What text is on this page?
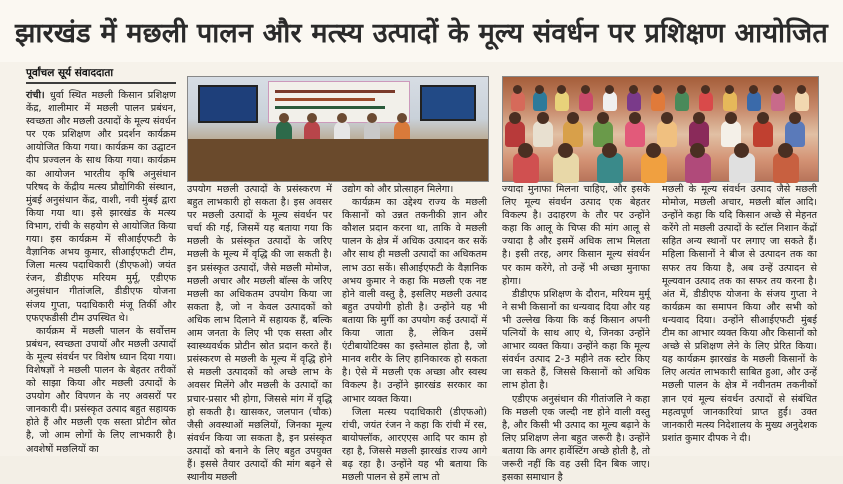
झारखंड में मछली पालन और मत्स्य उत्पादों के मूल्य संवर्धन पर प्रशिक्षण आयोजित
पूर्वांचल सूर्य संवाददाता

रांची। धुर्वा स्थित मछली किसान प्रशिक्षण केंद्र, शालीमार में मछली पालन प्रबंधन, स्वच्छता और मछली उत्पादों के मूल्य संवर्धन पर एक प्रशिक्षण और प्रदर्शन कार्यक्रम आयोजित किया गया। कार्यक्रम का उद्घाटन दीप प्रज्वलन के साथ किया गया। कार्यक्रम का आयोजन भारतीय कृषि अनुसंधान परिषद के केंद्रीय मत्स्य प्रौद्योगिकी संस्थान, मुंबई अनुसंधान केंद्र, वाशी, नवी मुंबई द्वारा किया गया था। इसे झारखंड के मत्स्य विभाग, रांची के सहयोग से आयोजित किया गया। इस कार्यक्रम में सीआईएफटी के वैज्ञानिक अभय कुमार, सीआईएफटी टीम, जिला मत्स्य पदाधिकारी (डीएफओ) जयंत रंजन, डीडीएफ मरियम मुर्मू, एडीएफ अनुसंधान गीतांजलि, डीडीएफ योजना संजय गुप्ता, पदाधिकारी मंजू तिर्की और एफएफडीसी टीम उपस्थित थे।

कार्यक्रम में मछली पालन के सर्वोत्तम प्रबंधन, स्वच्छता उपायों और मछली उत्पादों के मूल्य संवर्धन पर विशेष ध्यान दिया गया। विशेषज्ञों ने मछली पालन के बेहतर तरीकों को साझा किया और मछली उत्पादों के उपयोग और विपणन के नए अवसरों पर जानकारी दी। प्रसंस्कृत उत्पाद बहुत सहायक होते हैं और मछली एक सस्ता प्रोटीन स्रोत है, जो आम लोगों के लिए लाभकारी है। अवशेषों मछलियों का

उपयोग मछली उत्पादों के प्रसंस्करण में बहुत लाभकारी हो सकता है। इस अवसर पर मछली उत्पादों के मूल्य संवर्धन पर चर्चा की गई, जिसमें यह बताया गया कि मछली के प्रसंस्कृत उत्पादों के जरिए मछली के मूल्य में वृद्धि की जा सकती है। इन प्रसंस्कृत उत्पादों, जैसे मछली मोमोज, मछली अचार और मछली बॉल्स के जरिए मछली का अधिकतम उपयोग किया जा सकता है, जो न केवल उत्पादकों को अधिक लाभ दिलाने में सहायक हैं, बल्कि आम जनता के लिए भी एक सस्ता और स्वास्थ्यवर्धक प्रोटीन स्रोत प्रदान करते हैं। प्रसंस्करण से मछली के मूल्य में वृद्धि होने से मछली उत्पादकों को अच्छे लाभ के अवसर मिलेंगे और मछली के उत्पादों का प्रचार-प्रसार भी होगा, जिससे मांग में वृद्धि हो सकती है। खासकर, जलपान (चौक) जैसी अवस्थाओं मछलियों, जिनका मूल्य संवर्धन किया जा सकता है, इन प्रसंस्कृत उत्पादों को बनाने के लिए बहुत उपयुक्त हैं। इससे तैयार उत्पादों की मांग बढ़ने से स्थानीय मछली

उद्योग को और प्रोत्साहन मिलेगा।

कार्यक्रम का उद्देश्य राज्य के मछली किसानों को उन्नत तकनीकी ज्ञान और कौशल प्रदान करना था, ताकि वे मछली पालन के क्षेत्र में अधिक उत्पादन कर सकें और साथ ही मछली उत्पादों का अधिकतम लाभ उठा सकें। सीआईएफटी के वैज्ञानिक अभय कुमार ने कहा कि मछली एक नष्ट होने वाली वस्तु है, इसलिए मछली उत्पाद बहुत उपयोगी होती है। उन्होंने यह भी बताया कि मुर्गी का उपयोग कई उत्पादों में किया जाता है, लेकिन उसमें एंटीबायोटिक्स का इस्तेमाल होता है, जो मानव शरीर के लिए हानिकारक हो सकता है। ऐसे में मछली एक अच्छा और स्वस्थ विकल्प है। उन्होंने झारखंड सरकार का आभार व्यक्त किया।

जिला मत्स्य पदाधिकारी (डीएफओ) रांची, जयंत रंजन ने कहा कि रांची में रस, बायोफ्लॉक, आरएएस आदि पर काम हो रहा है, जिससे मछली झारखंड राज्य आगे बढ़ रहा है। उन्होंने यह भी बताया कि मछली पालन से हमें लाभ तो

ज्यादा मुनाफा मिलना चाहिए, और इसके लिए मूल्य संवर्धन उत्पाद एक बेहतर विकल्प है। उदाहरण के तौर पर उन्होंने कहा कि आलू के चिप्स की मांग आलू से ज्यादा है और इसमें अधिक लाभ मिलता है। इसी तरह, अगर किसान मूल्य संवर्धन पर काम करेंगे, तो उन्हें भी अच्छा मुनाफा होगा।

डीडीएफ प्रशिक्षण के दौरान, मरियम मुर्मू ने सभी किसानों का धन्यवाद दिया और यह भी उल्लेख किया कि कई किसान अपनी पत्नियों के साथ आए थे, जिनका उन्होंने आभार व्यक्त किया। उन्होंने कहा कि मूल्य संवर्धन उत्पाद 2-3 महीने तक स्टोर किए जा सकते हैं, जिससे किसानों को अधिक लाभ होता है।

एडीएफ अनुसंधान की गीतांजलि ने कहा कि मछली एक जल्दी नष्ट होने वाली वस्तु है, और किसी भी उत्पाद का मूल्य बढ़ाने के लिए प्रशिक्षण लेना बहुत जरूरी है। उन्होंने बताया कि अगर हार्वेस्टिंग अच्छे होती है, तो जरूरी नहीं कि वह उसी दिन बिक जाए। इसका समाधान है

मछली के मूल्य संवर्धन उत्पाद जैसे मछली मोमोज, मछली अचार, मछली बॉल आदि। उन्होंने कहा कि यदि किसान अच्छे से मेहनत करेंगे तो मछली उत्पादों के स्टॉल निशान केंद्रों सहित अन्य स्थानों पर लगाए जा सकते हैं। महिला किसानों ने बीज से उत्पादन तक का सफर तय किया है, अब उन्हें उत्पादन से मूल्यवान उत्पाद तक का सफर तय करना है। अंत में, डीडीएफ योजना के संजय गुप्ता ने कार्यक्रम का समापन किया और सभी को धन्यवाद दिया। उन्होंने सीआईएफटी मुंबई टीम का आभार व्यक्त किया और किसानों को अच्छे से प्रशिक्षण लेने के लिए प्रेरित किया। यह कार्यक्रम झारखंड के मछली किसानों के लिए अत्यंत लाभकारी साबित हुआ, और उन्हें मछली पालन के क्षेत्र में नवीनतम तकनीकों ज्ञान एवं मूल्य संवर्धन उत्पादों से संबंधित महत्वपूर्ण जानकारियां प्राप्त हुईं। उक्त जानकारी मत्स्य निदेशालय के मुख्य अनुदेशक प्रशांत कुमार दीपक ने दी।
